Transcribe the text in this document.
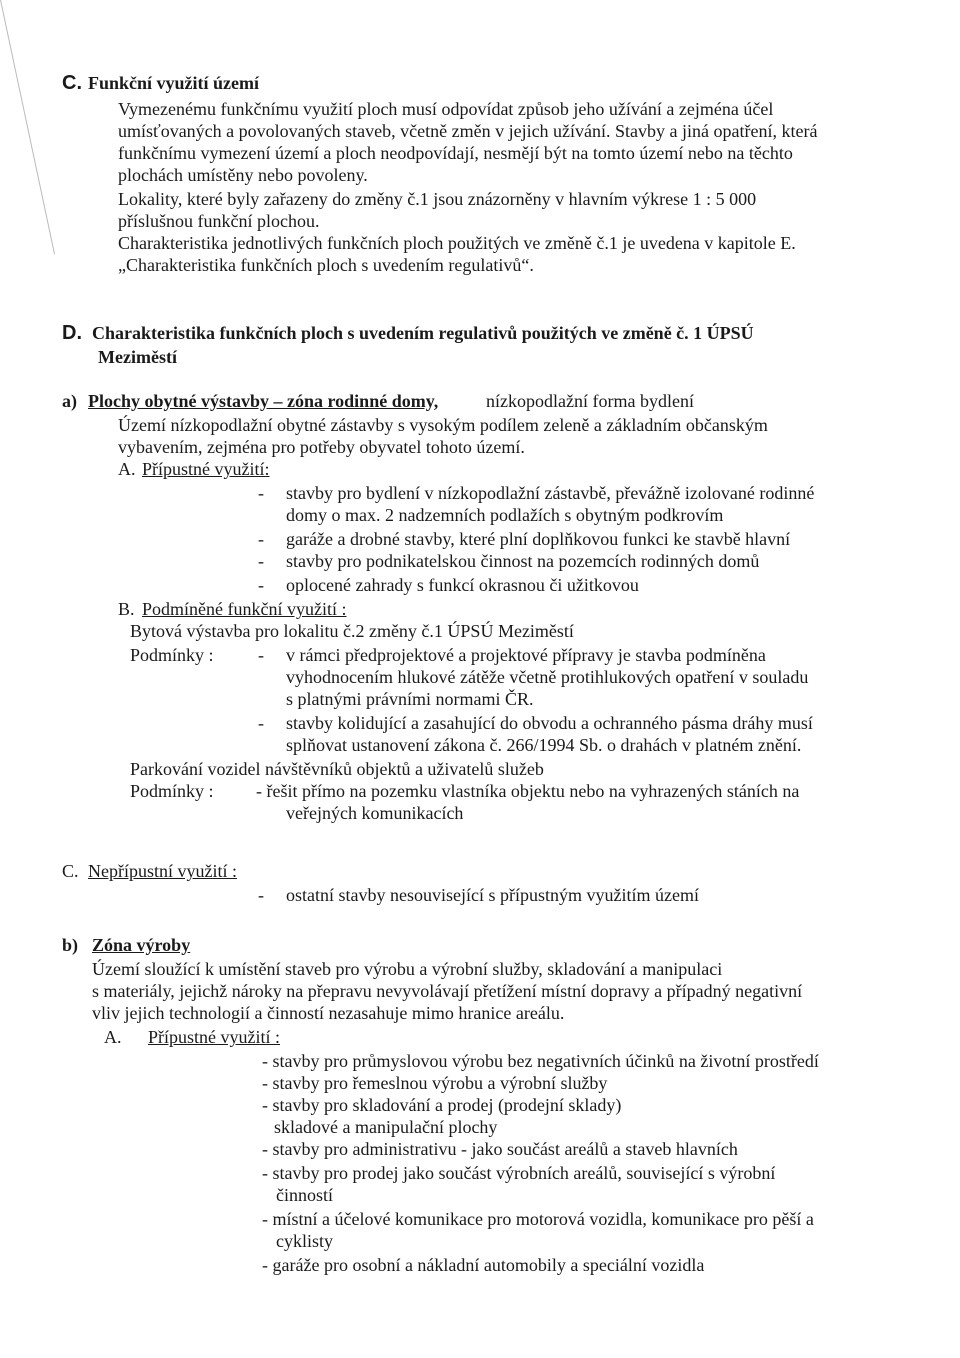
C. Funkční využití území
Vymezenému funkčnímu využití ploch musí odpovídat způsob jeho užívání a zejména účel
umísťovaných a povolovaných staveb, včetně změn v jejich užívání. Stavby a jiná opatření, která
funkčnímu vymezení území a ploch neodpovídají, nesmějí být na tomto území nebo na těchto
plochách umístěny nebo povoleny.
Lokality, které byly zařazeny do změny č.1 jsou znázorněny v hlavním výkrese 1 : 5 000
příslušnou funkční plochou.
Charakteristika jednotlivých funkčních ploch použitých ve změně č.1 je uvedena v kapitole E.
„Charakteristika funkčních ploch s uvedením regulativů“.
D. Charakteristika funkčních ploch s uvedením regulativů použitých ve změně č. 1 ÚPSÚ
Meziměstí
a) Plochy obytné výstavby – zóna rodinné domy,	nízkopodlažní forma bydlení
Území nízkopodlažní obytné zástavby s vysokým podílem zeleně a základním občanským
vybavením, zejména pro potřeby obyvatel tohoto území.
A. Přípustné využití:
- stavby pro bydlení v nízkopodlažní zástavbě, převážně izolované rodinné
domy o max. 2 nadzemních podlažích s obytným podkrovím
- garáže a drobné stavby, které plní doplňkovou funkci ke stavbě hlavní
- stavby pro podnikatelskou činnost na pozemcích rodinných domů
- oplocené zahrady s funkcí okrasnou či užitkovou
B. Podmíněné funkční využití :
Bytová výstavba pro lokalitu č.2 změny č.1 ÚPSÚ Meziměstí
Podmínky : - v rámci předprojektové a projektové přípravy je stavba podmíněna
vyhodnocením hlukové zátěže včetně protihlukových opatření v souladu
s platnými právními normami ČR.
- stavby kolidující a zasahující do obvodu a ochranného pásma dráhy musí
splňovat ustanovení zákona č. 266/1994 Sb. o drahách v platném znění.
Parkování vozidel návštěvníků objektů a uživatelů služeb
Podmínky : - řešit přímo na pozemku vlastníka objektu nebo na vyhrazených stáních na
veřejných komunikacích
C. Nepřípustní využití :
- ostatní stavby nesouvisející s přípustným využitím území
b) Zóna výroby
Území sloužící k umístění staveb pro výrobu a výrobní služby, skladování a manipulaci
s materiály, jejichž nároky na přepravu nevyvolávají přetížení místní dopravy a případný negativní
vliv jejich technologií a činností nezasahuje mimo hranice areálu.
A. Přípustné využití :
- stavby pro průmyslovou výrobu bez negativních účinků na životní prostředí
- stavby pro řemeslnou výrobu a výrobní služby
- stavby pro skladování a prodej (prodejní sklady)
skladové a manipulační plochy
- stavby pro administrativu - jako součást areálů a staveb hlavních
- stavby pro prodej jako součást výrobních areálů, související s výrobní
činností
- místní a účelové komunikace pro motorová vozidla, komunikace pro pěší a
cyklisty
- garáže pro osobní a nákladní automobily a speciální vozidla
